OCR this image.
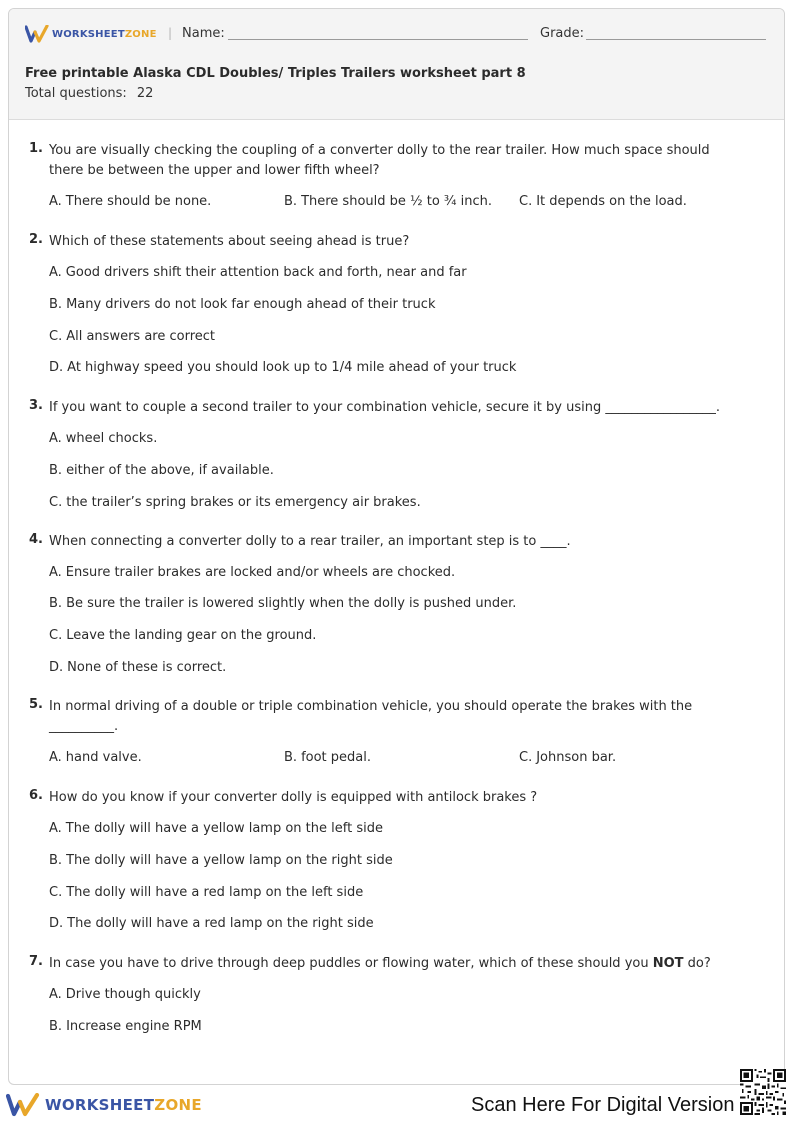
WORKSHEETZONE | Name:	Grade:
Free printable Alaska CDL Doubles/ Triples Trailers worksheet part 8
Total questions: 22
1. You are visually checking the coupling of a converter dolly to the rear trailer. How much space should there be between the upper and lower fifth wheel?
A. There should be none.	B. There should be ½ to ¾ inch. C. It depends on the load.
2. Which of these statements about seeing ahead is true?
A. Good drivers shift their attention back and forth, near and far
B. Many drivers do not look far enough ahead of their truck
C. All answers are correct
D. At highway speed you should look up to 1/4 mile ahead of your truck
3. If you want to couple a second trailer to your combination vehicle, secure it by using _________________.
A. wheel chocks.
B. either of the above, if available.
C. the trailer’s spring brakes or its emergency air brakes.
4. When connecting a converter dolly to a rear trailer, an important step is to ____.
A. Ensure trailer brakes are locked and/or wheels are chocked.
B. Be sure the trailer is lowered slightly when the dolly is pushed under.
C. Leave the landing gear on the ground.
D. None of these is correct.
5. In normal driving of a double or triple combination vehicle, you should operate the brakes with the __________.
A. hand valve.	B. foot pedal.	C. Johnson bar.
6. How do you know if your converter dolly is equipped with antilock brakes ?
A. The dolly will have a yellow lamp on the left side
B. The dolly will have a yellow lamp on the right side
C. The dolly will have a red lamp on the left side
D. The dolly will have a red lamp on the right side
7. In case you have to drive through deep puddles or flowing water, which of these should you NOT do?
A. Drive though quickly
B. Increase engine RPM
WORKSHEETZONE	Scan Here For Digital Version
